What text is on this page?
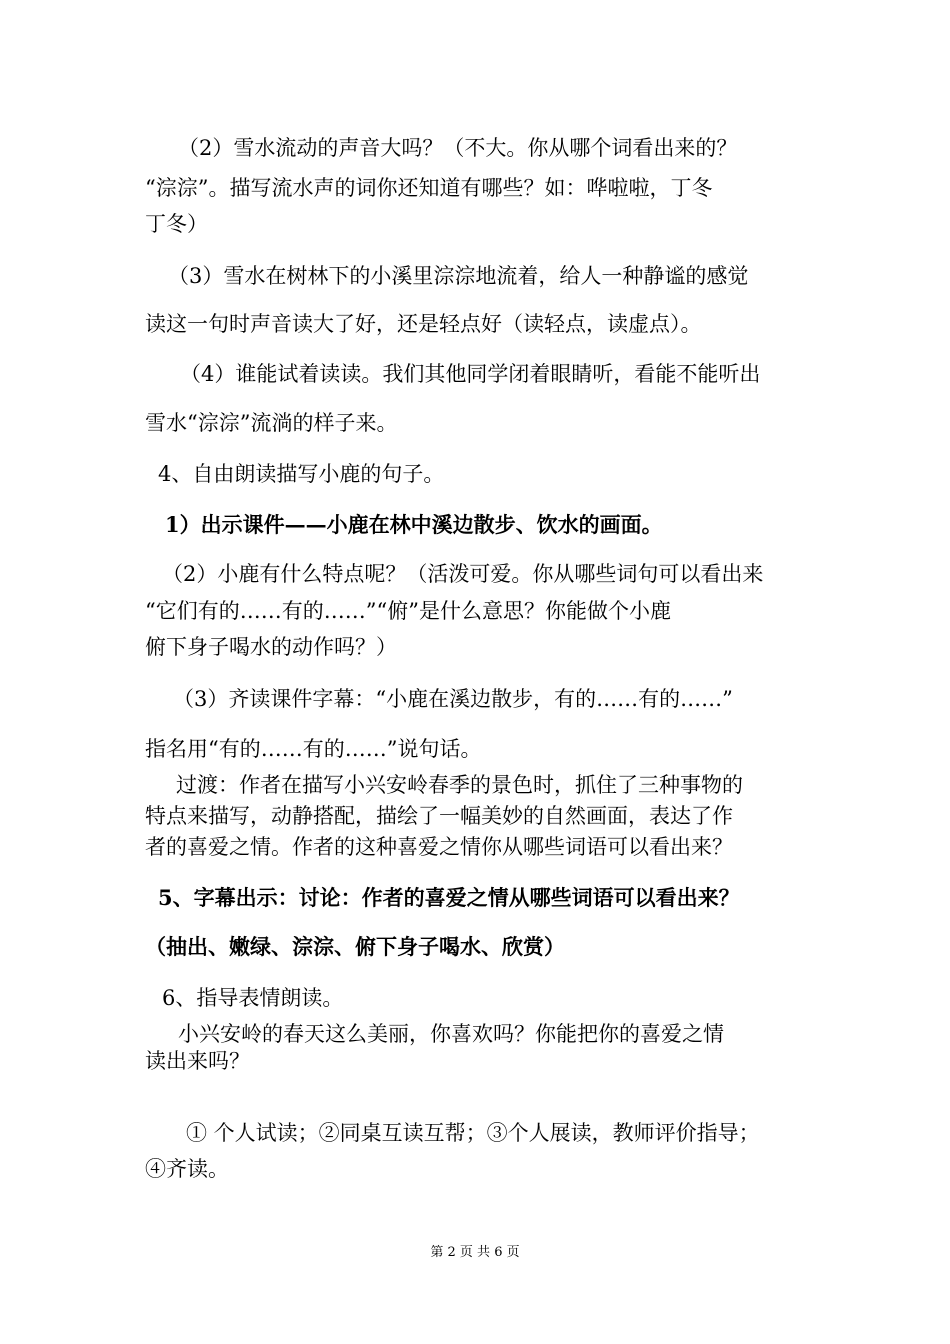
（2）雪水流动的声音大吗？（不大。你从哪个词看出来的？
“淙淙”。描写流水声的词你还知道有哪些？如：哗啦啦，丁冬
丁冬）
（3）雪水在树林下的小溪里淙淙地流着，给人一种静谧的感觉
读这一句时声音读大了好，还是轻点好（读轻点，读虚点）。
（4）谁能试着读读。我们其他同学闭着眼睛听，看能不能听出
雪水“淙淙”流淌的样子来。
4、自由朗读描写小鹿的句子。
1）出示课件——小鹿在林中溪边散步、饮水的画面。
（2）小鹿有什么特点呢？（活泼可爱。你从哪些词句可以看出来
“它们有的……有的……”“俯”是什么意思？你能做个小鹿
俯下身子喝水的动作吗？）
（3）齐读课件字幕：“小鹿在溪边散步，有的……有的……”
指名用“有的……有的……”说句话。
过渡：作者在描写小兴安岭春季的景色时，抓住了三种事物的
特点来描写，动静搭配，描绘了一幅美妙的自然画面，表达了作
者的喜爱之情。作者的这种喜爱之情你从哪些词语可以看出来？
5、字幕出示：讨论：作者的喜爱之情从哪些词语可以看出来？
（抽出、嫩绿、淙淙、俯下身子喝水、欣赏）
6、指导表情朗读。
小兴安岭的春天这么美丽，你喜欢吗？你能把你的喜爱之情
读出来吗？
① 个人试读；②同桌互读互帮；③个人展读，教师评价指导；
④齐读。
第 2 页 共 6 页
